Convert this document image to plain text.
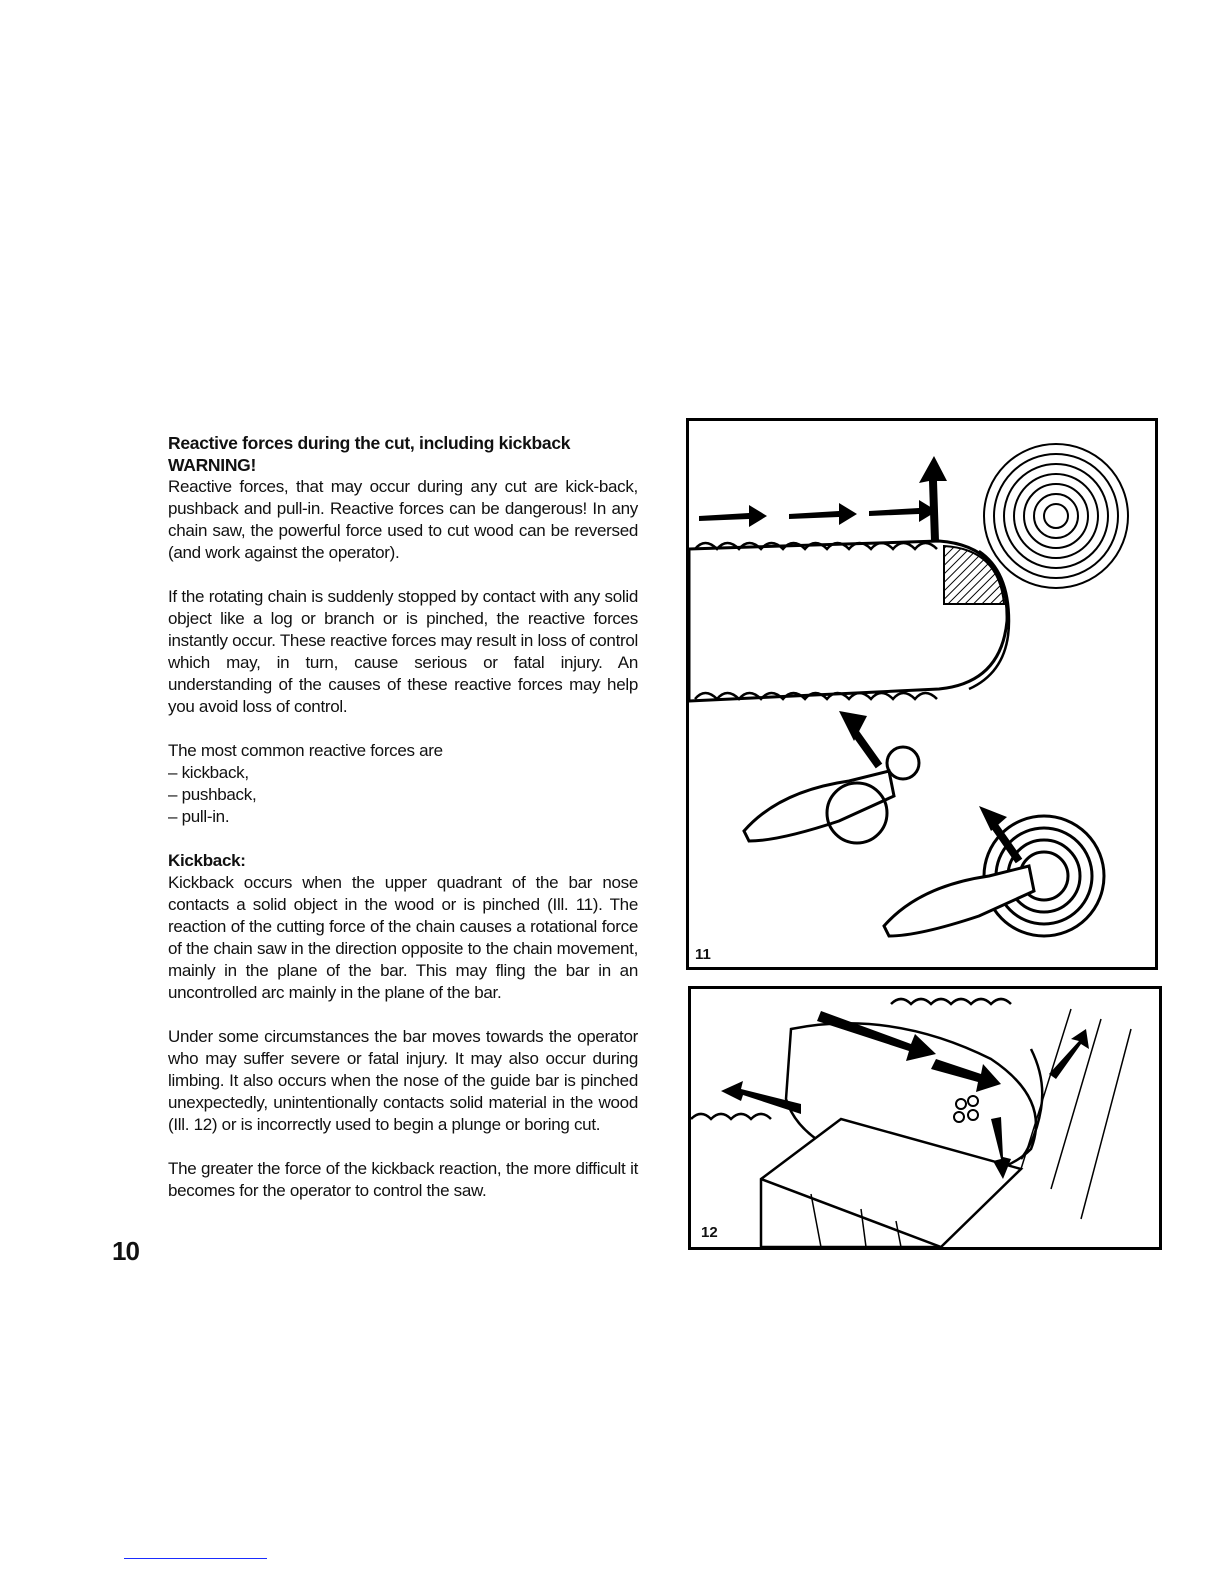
Reactive forces during the cut, including kickback

WARNING!

Reactive forces, that may occur during any cut are kick-back, pushback and pull-in. Reactive forces can be dangerous! In any chain saw, the powerful force used to cut wood can be reversed (and work against the operator).

If the rotating chain is suddenly stopped by contact with any solid object like a log or branch or is pinched, the reactive forces instantly occur. These reactive forces may result in loss of control which may, in turn, cause serious or fatal injury. An understanding of the causes of these reactive forces may help you avoid loss of control.

The most common reactive forces are

– kickback,
– pushback,
– pull-in.

Kickback:

Kickback occurs when the upper quadrant of the bar nose contacts a solid object in the wood or is pinched (Ill. 11). The reaction of the cutting force of the chain causes a rotational force of the chain saw in the direction opposite to the chain movement, mainly in the plane of the bar. This may fling the bar in an uncontrolled arc mainly in the plane of the bar.

Under some circumstances the bar moves towards the operator who may suffer severe or fatal injury. It may also occur during limbing. It also occurs when the nose of the guide bar is pinched unexpectedly, unintentionally contacts solid material in the wood (Ill. 12) or is incorrectly used to begin a plunge or boring cut.

The greater the force of the kickback reaction, the more difficult it becomes for the operator to control the saw.

10
11
12
